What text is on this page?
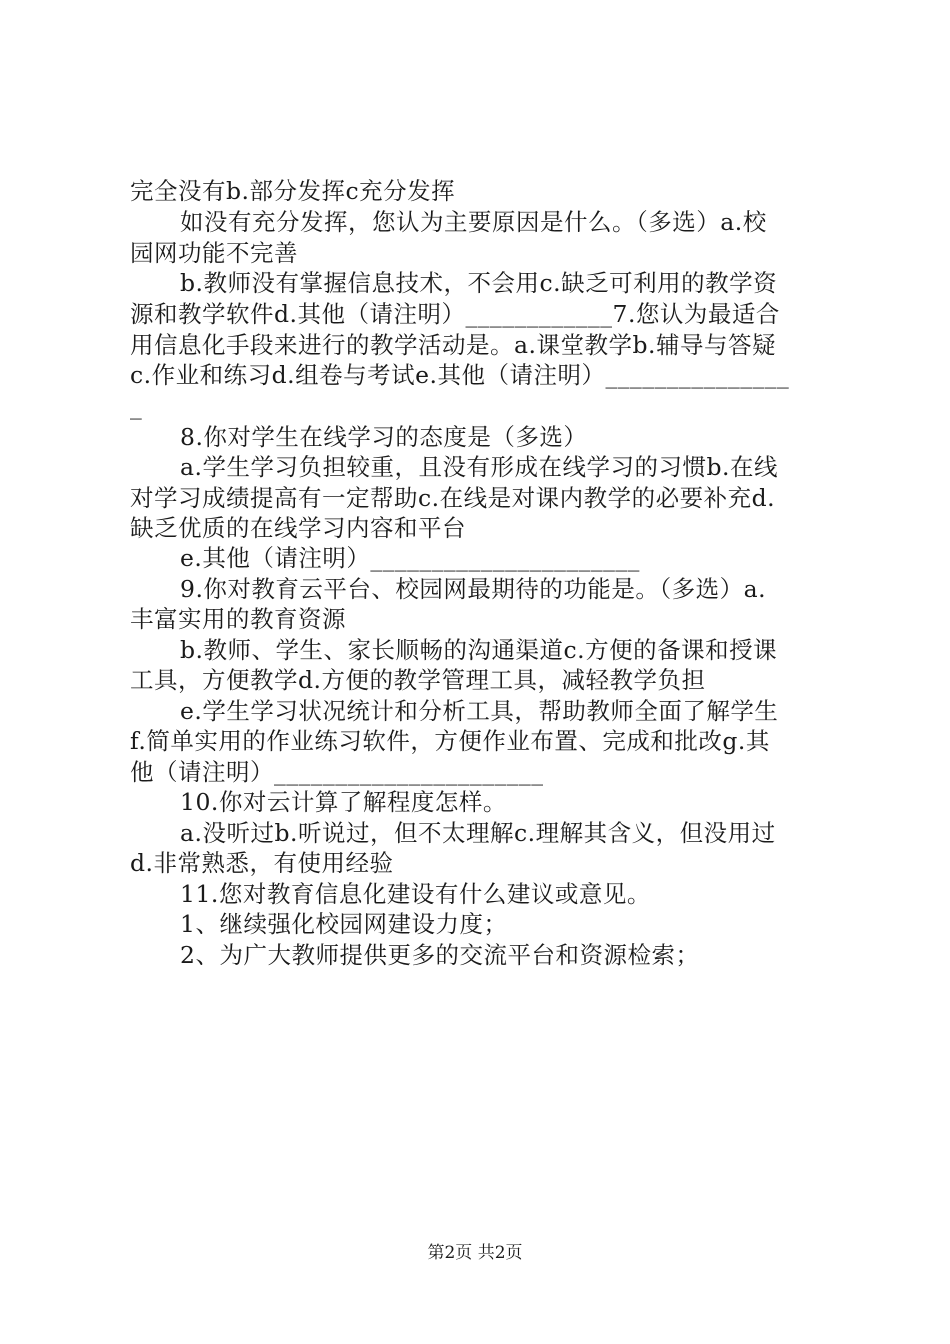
完全没有b.部分发挥c充分发挥
如没有充分发挥，您认为主要原因是什么。（多选）a.校
园网功能不完善
b.教师没有掌握信息技术，不会用c.缺乏可利用的教学资
源和教学软件d.其他（请注明）____________7.您认为最适合
用信息化手段来进行的教学活动是。a.课堂教学b.辅导与答疑
c.作业和练习d.组卷与考试e.其他（请注明）_______________
_
8.你对学生在线学习的态度是（多选）
a.学生学习负担较重，且没有形成在线学习的习惯b.在线
对学习成绩提高有一定帮助c.在线是对课内教学的必要补充d.
缺乏优质的在线学习内容和平台
e.其他（请注明）______________________
9.你对教育云平台、校园网最期待的功能是。（多选）a.
丰富实用的教育资源
b.教师、学生、家长顺畅的沟通渠道c.方便的备课和授课
工具，方便教学d.方便的教学管理工具，减轻教学负担
e.学生学习状况统计和分析工具，帮助教师全面了解学生
f.简单实用的作业练习软件，方便作业布置、完成和批改g.其
他（请注明）______________________
10.你对云计算了解程度怎样。
a.没听过b.听说过，但不太理解c.理解其含义，但没用过
d.非常熟悉，有使用经验
11.您对教育信息化建设有什么建议或意见。
1、继续强化校园网建设力度；
2、为广大教师提供更多的交流平台和资源检索；
第2页 共2页
